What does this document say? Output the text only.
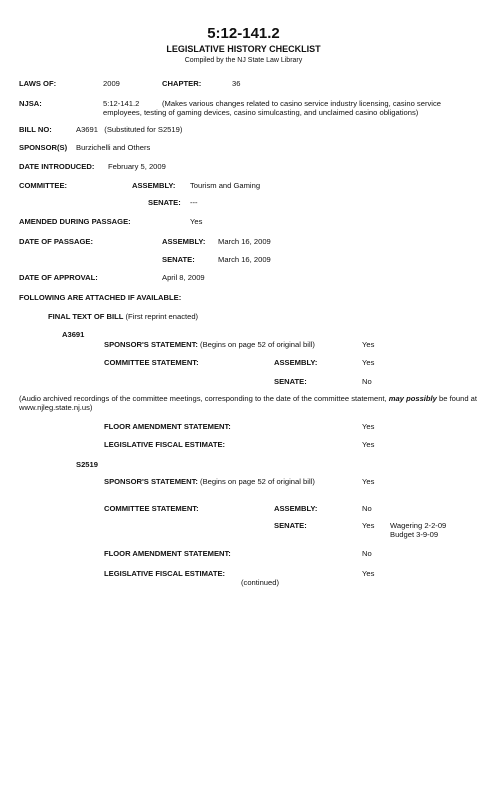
5:12-141.2
LEGISLATIVE HISTORY CHECKLIST
Compiled by the NJ State Law Library
LAWS OF:	2009	CHAPTER:	36
NJSA:	5:12-141.2	(Makes various changes related to casino service industry licensing, casino service
employees, testing of gaming devices, casino simulcasting, and unclaimed casino obligations)
BILL NO:	A3691   (Substituted for S2519)
SPONSOR(S) Burzichelli and Others
DATE INTRODUCED: February 5, 2009
COMMITTEE:	ASSEMBLY: Tourism and Gaming
SENATE: ---
AMENDED DURING PASSAGE:	Yes
DATE OF PASSAGE:	ASSEMBLY: March 16, 2009
SENATE:	March 16, 2009
DATE OF APPROVAL:	April 8, 2009
FOLLOWING ARE ATTACHED IF AVAILABLE:
FINAL TEXT OF BILL (First reprint enacted)
A3691
SPONSOR'S STATEMENT: (Begins on page 52 of original bill)	Yes
COMMITTEE STATEMENT:	ASSEMBLY:	Yes
SENATE:	No
(Audio archived recordings of the committee meetings, corresponding to the date of the committee statement, may possibly be found at www.njleg.state.nj.us)
FLOOR AMENDMENT STATEMENT:	Yes
LEGISLATIVE FISCAL ESTIMATE:	Yes
S2519
SPONSOR'S STATEMENT: (Begins on page 52 of original bill)	Yes
COMMITTEE STATEMENT:	ASSEMBLY:	No
SENATE:	Yes Wagering 2-2-09
Budget 3-9-09
FLOOR AMENDMENT STATEMENT:	No
LEGISLATIVE FISCAL ESTIMATE:	Yes
(continued)
